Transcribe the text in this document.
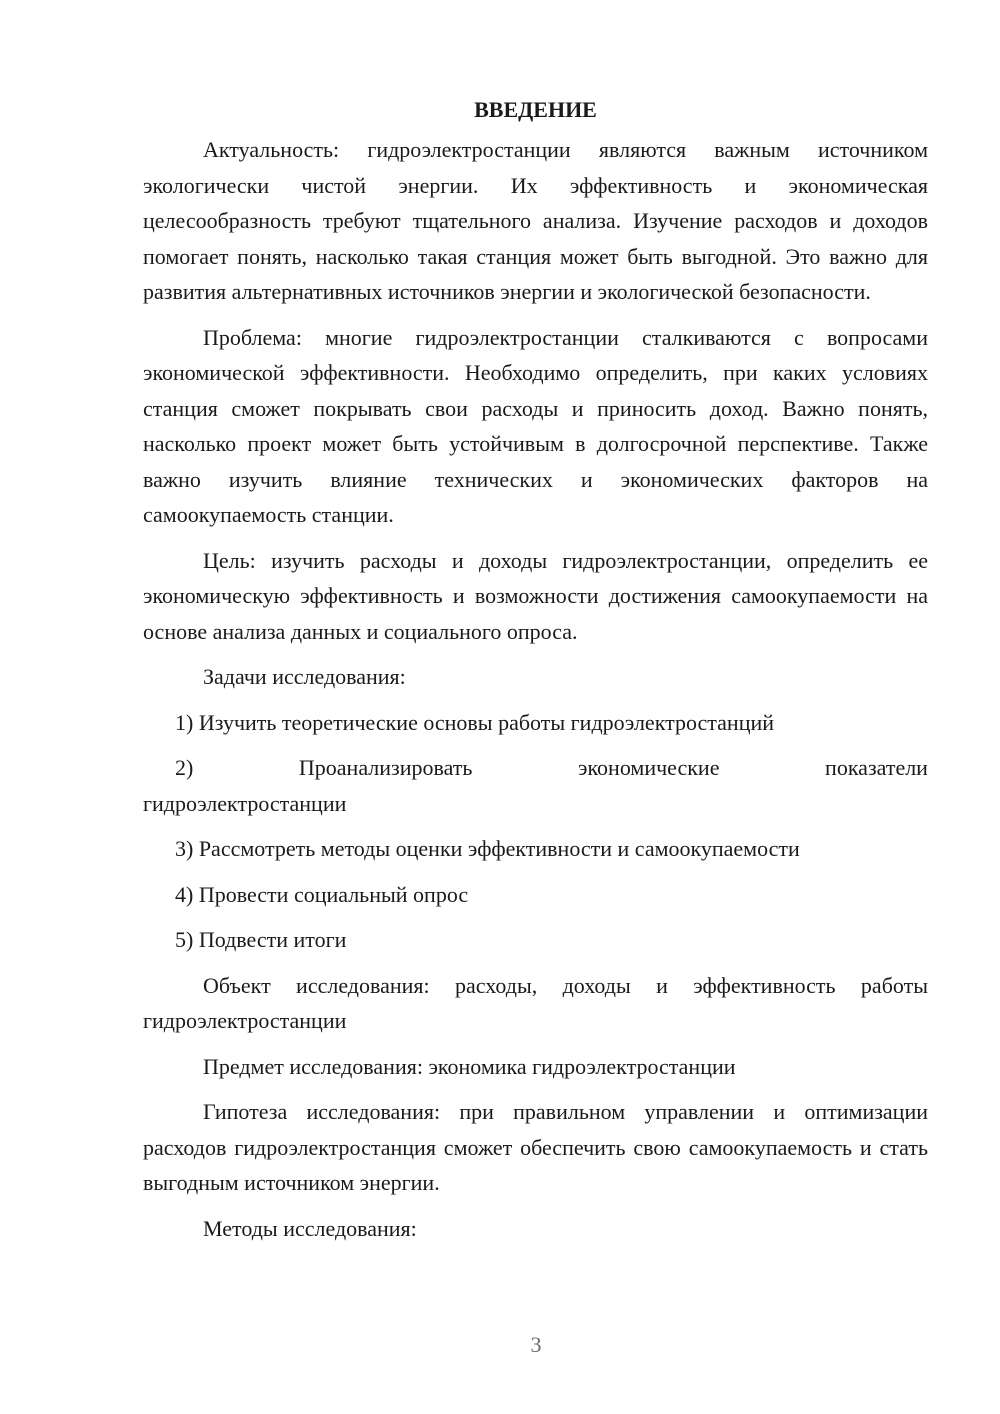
ВВЕДЕНИЕ

Актуальность: гидроэлектростанции являются важным источником экологически чистой энергии. Их эффективность и экономическая целесообразность требуют тщательного анализа. Изучение расходов и доходов помогает понять, насколько такая станция может быть выгодной. Это важно для развития альтернативных источников энергии и экологической безопасности.

Проблема: многие гидроэлектростанции сталкиваются с вопросами экономической эффективности. Необходимо определить, при каких условиях станция сможет покрывать свои расходы и приносить доход. Важно понять, насколько проект может быть устойчивым в долгосрочной перспективе. Также важно изучить влияние технических и экономических факторов на самоокупаемость станции.

Цель: изучить расходы и доходы гидроэлектростанции, определить ее экономическую эффективность и возможности достижения самоокупаемости на основе анализа данных и социального опроса.

Задачи исследования:

1) Изучить теоретические основы работы гидроэлектростанций

2)	Проанализировать	экономические	показатели
гидроэлектростанции

3) Рассмотреть методы оценки эффективности и самоокупаемости

4) Провести социальный опрос

5) Подвести итоги

Объект исследования: расходы, доходы и эффективность работы гидроэлектростанции

Предмет исследования: экономика гидроэлектростанции

Гипотеза исследования: при правильном управлении и оптимизации расходов гидроэлектростанция сможет обеспечить свою самоокупаемость и стать выгодным источником энергии.

Методы исследования:

3
